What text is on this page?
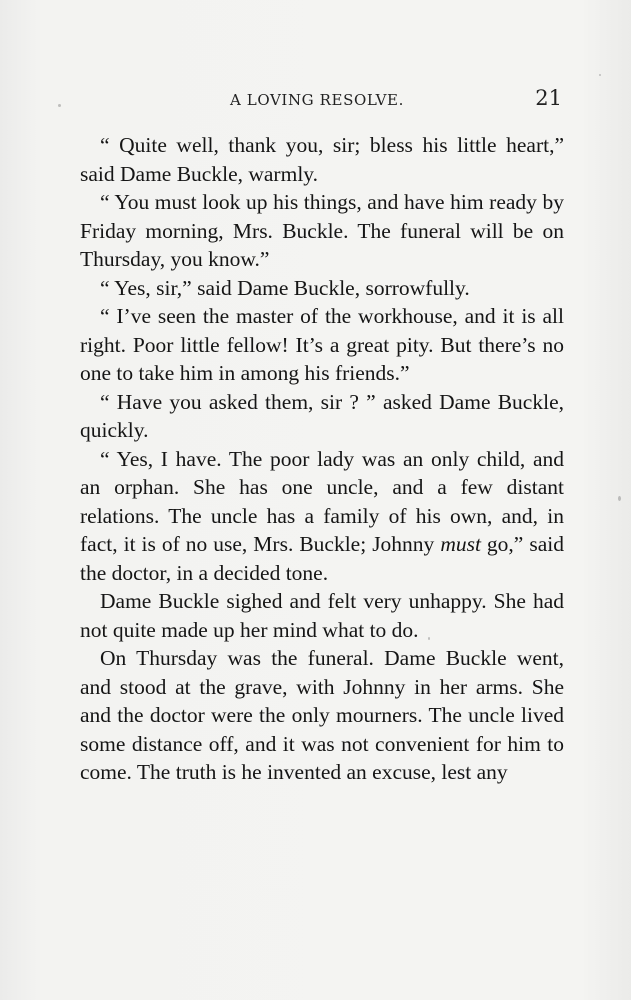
A LOVING RESOLVE.	21

“ Quite well, thank you, sir; bless his little heart,” said Dame Buckle, warmly.

“ You must look up his things, and have him ready by Friday morning, Mrs. Buckle. The funeral will be on Thursday, you know.”

“ Yes, sir,” said Dame Buckle, sorrowfully.

“ I’ve seen the master of the workhouse, and it is all right. Poor little fellow! It’s a great pity. But there’s no one to take him in among his friends.”

“ Have you asked them, sir ? ” asked Dame Buckle, quickly.

“ Yes, I have. The poor lady was an only child, and an orphan. She has one uncle, and a few distant relations. The uncle has a family of his own, and, in fact, it is of no use, Mrs. Buckle; Johnny must go,” said the doctor, in a decided tone.

Dame Buckle sighed and felt very unhappy. She had not quite made up her mind what to do.

On Thursday was the funeral. Dame Buckle went, and stood at the grave, with Johnny in her arms. She and the doctor were the only mourners. The uncle lived some distance off, and it was not convenient for him to come. The truth is he invented an excuse, lest any
